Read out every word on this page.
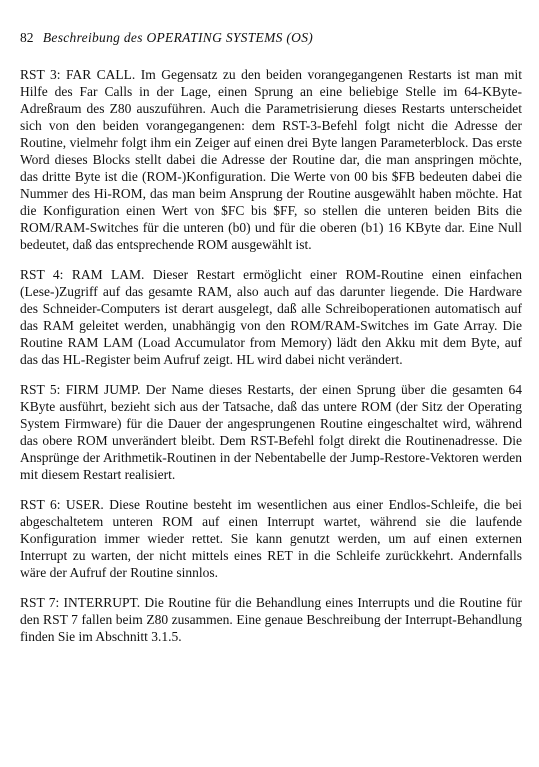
82 Beschreibung des OPERATING SYSTEMS (OS)

RST 3: FAR CALL. Im Gegensatz zu den beiden vorangegangenen Restarts ist man mit Hilfe des Far Calls in der Lage, einen Sprung an eine beliebige Stelle im 64-KByte-Adreßraum des Z80 auszuführen. Auch die Parametrisierung dieses Restarts unterscheidet sich von den beiden vorangegangenen: dem RST-3-Befehl folgt nicht die Adresse der Routine, vielmehr folgt ihm ein Zeiger auf einen drei Byte langen Parameterblock. Das erste Word dieses Blocks stellt dabei die Adresse der Routine dar, die man anspringen möchte, das dritte Byte ist die (ROM-)Konfiguration. Die Werte von 00 bis $FB bedeuten dabei die Nummer des Hi-ROM, das man beim Ansprung der Routine ausgewählt haben möchte. Hat die Konfiguration einen Wert von $FC bis $FF, so stellen die unteren beiden Bits die ROM/RAM-Switches für die unteren (b0) und für die oberen (b1) 16 KByte dar. Eine Null bedeutet, daß das entsprechende ROM ausgewählt ist.

RST 4: RAM LAM. Dieser Restart ermöglicht einer ROM-Routine einen einfachen (Lese-)Zugriff auf das gesamte RAM, also auch auf das darunter liegende. Die Hardware des Schneider-Computers ist derart ausgelegt, daß alle Schreiboperationen automatisch auf das RAM geleitet werden, unabhängig von den ROM/RAM-Switches im Gate Array. Die Routine RAM LAM (Load Accumulator from Memory) lädt den Akku mit dem Byte, auf das das HL-Register beim Aufruf zeigt. HL wird dabei nicht verändert.

RST 5: FIRM JUMP. Der Name dieses Restarts, der einen Sprung über die gesamten 64 KByte ausführt, bezieht sich aus der Tatsache, daß das untere ROM (der Sitz der Operating System Firmware) für die Dauer der angesprungenen Routine eingeschaltet wird, während das obere ROM unverändert bleibt. Dem RST-Befehl folgt direkt die Routinenadresse. Die Ansprünge der Arithmetik-Routinen in der Nebentabelle der Jump-Restore-Vektoren werden mit diesem Restart realisiert.

RST 6: USER. Diese Routine besteht im wesentlichen aus einer Endlos-Schleife, die bei abgeschaltetem unteren ROM auf einen Interrupt wartet, während sie die laufende Konfiguration immer wieder rettet. Sie kann genutzt werden, um auf einen externen Interrupt zu warten, der nicht mittels eines RET in die Schleife zurückkehrt. Andernfalls wäre der Aufruf der Routine sinnlos.

RST 7: INTERRUPT. Die Routine für die Behandlung eines Interrupts und die Routine für den RST 7 fallen beim Z80 zusammen. Eine genaue Beschreibung der Interrupt-Behandlung finden Sie im Abschnitt 3.1.5.
